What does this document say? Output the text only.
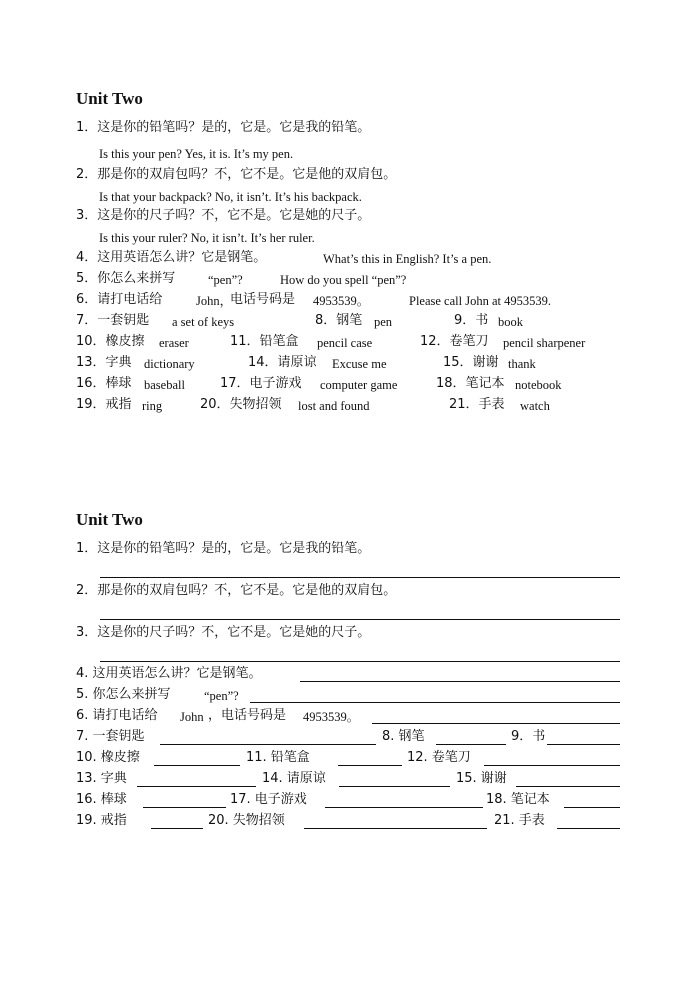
Unit Two
1．这是你的铅笔吗？是的，它是。它是我的铅笔。
Is this your pen? Yes, it is. It’s my pen.
2．那是你的双肩包吗？不，它不是。它是他的双肩包。
Is that your backpack? No, it isn’t. It’s his backpack.
3．这是你的尺子吗？不，它不是。它是她的尺子。
Is this your ruler? No, it isn’t. It’s her ruler.
4．这用英语怎么讲？它是钢笔。	What’s this in English? It’s a pen.
5．你怎么来拼写	“pen”?	How do you spell “pen”?
6．请打电话给	John，
电话号码是 4953539。	Please call John at 4953539.
7．一套钥匙 a set of keys	8．钢笔 pen	9．书 book
10．橡皮擦 eraser	11．铅笔盒 pencil case	12．卷笔刀 pencil sharpener
13．字典 dictionary	14．请原谅 Excuse me	15．谢谢 thank
16．棒球 baseball	17．电子游戏 computer game	18．笔记本 notebook
19．戒指 ring	20．失物招领 lost and found	21．手表 watch
Unit Two
1．这是你的铅笔吗？是的，它是。它是我的铅笔。
2．那是你的双肩包吗？不，它不是。它是他的双肩包。
3．这是你的尺子吗？不，它不是。它是她的尺子。
4. 这用英语怎么讲？它是钢笔。
5. 你怎么来拼写	“pen”?
6. 请打电话给 John ，电话号码是 4953539。
7. 一套钥匙	8. 钢笔	9．书
10. 橡皮擦	11. 铅笔盒	12. 卷笔刀
13. 字典	14. 请原谅	15. 谢谢
16. 棒球	17. 电子游戏	18. 笔记本
19. 戒指	20. 失物招领	21. 手表
